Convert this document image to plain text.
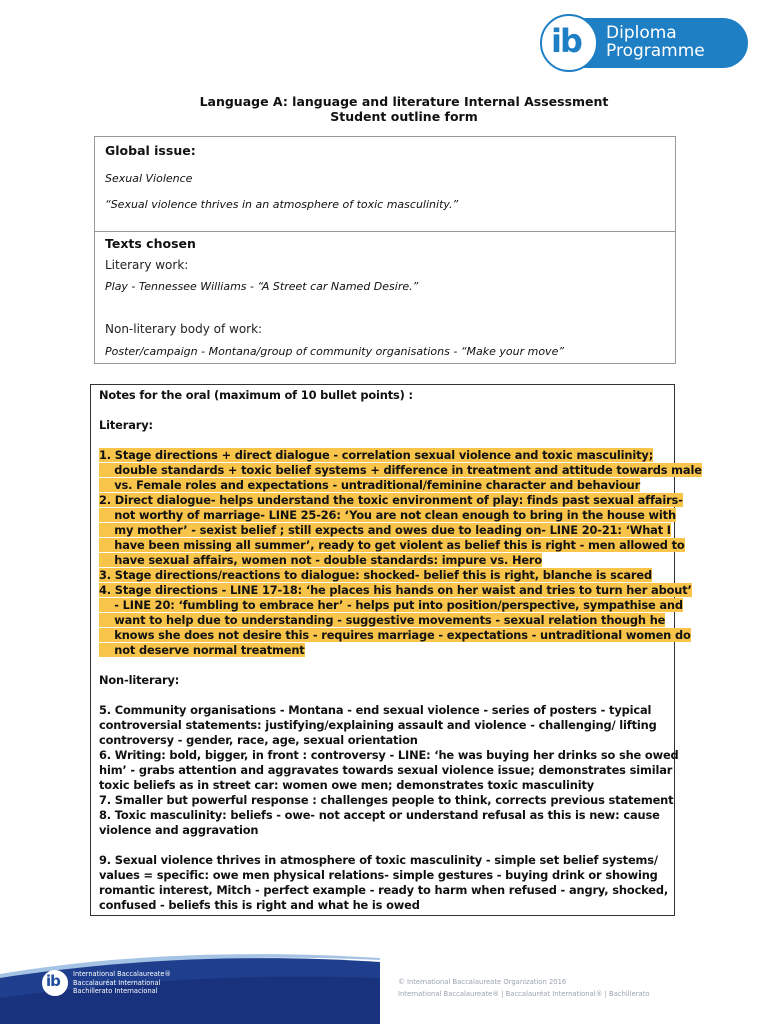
ib Diploma
Programme
Language A: language and literature Internal Assessment
Student outline form
Global issue:
Sexual Violence
“Sexual violence thrives in an atmosphere of toxic masculinity.”
Texts chosen
Literary work:
Play - Tennessee Williams - “A Street car Named Desire.”
Non-literary body of work:
Poster/campaign - Montana/group of community organisations - “Make your move”
Notes for the oral (maximum of 10 bullet points) :
Literary:
1. Stage directions + direct dialogue - correlation sexual violence and toxic masculinity;
double standards + toxic belief systems + difference in treatment and attitude towards male
vs. Female roles and expectations - untraditional/feminine character and behaviour
2. Direct dialogue- helps understand the toxic environment of play: finds past sexual affairs-
not worthy of marriage- LINE 25-26: ‘You are not clean enough to bring in the house with
my mother’ - sexist belief ; still expects and owes due to leading on- LINE 20-21: ‘What I
have been missing all summer’, ready to get violent as belief this is right - men allowed to
have sexual affairs, women not - double standards: impure vs. Hero
3. Stage directions/reactions to dialogue: shocked- belief this is right, blanche is scared
4. Stage directions - LINE 17-18: ‘he places his hands on her waist and tries to turn her about’
- LINE 20: ‘fumbling to embrace her’ - helps put into position/perspective, sympathise and
want to help due to understanding - suggestive movements - sexual relation though he
knows she does not desire this - requires marriage - expectations - untraditional women do
not deserve normal treatment
Non-literary:
5. Community organisations - Montana - end sexual violence - series of posters - typical
controversial statements: justifying/explaining assault and violence - challenging/ lifting
controversy - gender, race, age, sexual orientation
6. Writing: bold, bigger, in front : controversy - LINE: ‘he was buying her drinks so she owed
him’ - grabs attention and aggravates towards sexual violence issue; demonstrates similar
toxic beliefs as in street car: women owe men; demonstrates toxic masculinity
7. Smaller but powerful response : challenges people to think, corrects previous statement
8. Toxic masculinity: beliefs - owe- not accept or understand refusal as this is new: cause
violence and aggravation
9. Sexual violence thrives in atmosphere of toxic masculinity - simple set belief systems/
values = specific: owe men physical relations- simple gestures - buying drink or showing
romantic interest, Mitch - perfect example - ready to harm when refused - angry, shocked,
confused - beliefs this is right and what he is owed
ib International Baccalaureate®
Baccalauréat International
Bachillerato Internacional
© International Baccalaureate Organization 2016
International Baccalaureate® | Baccalauréat International® | Bachillerato
